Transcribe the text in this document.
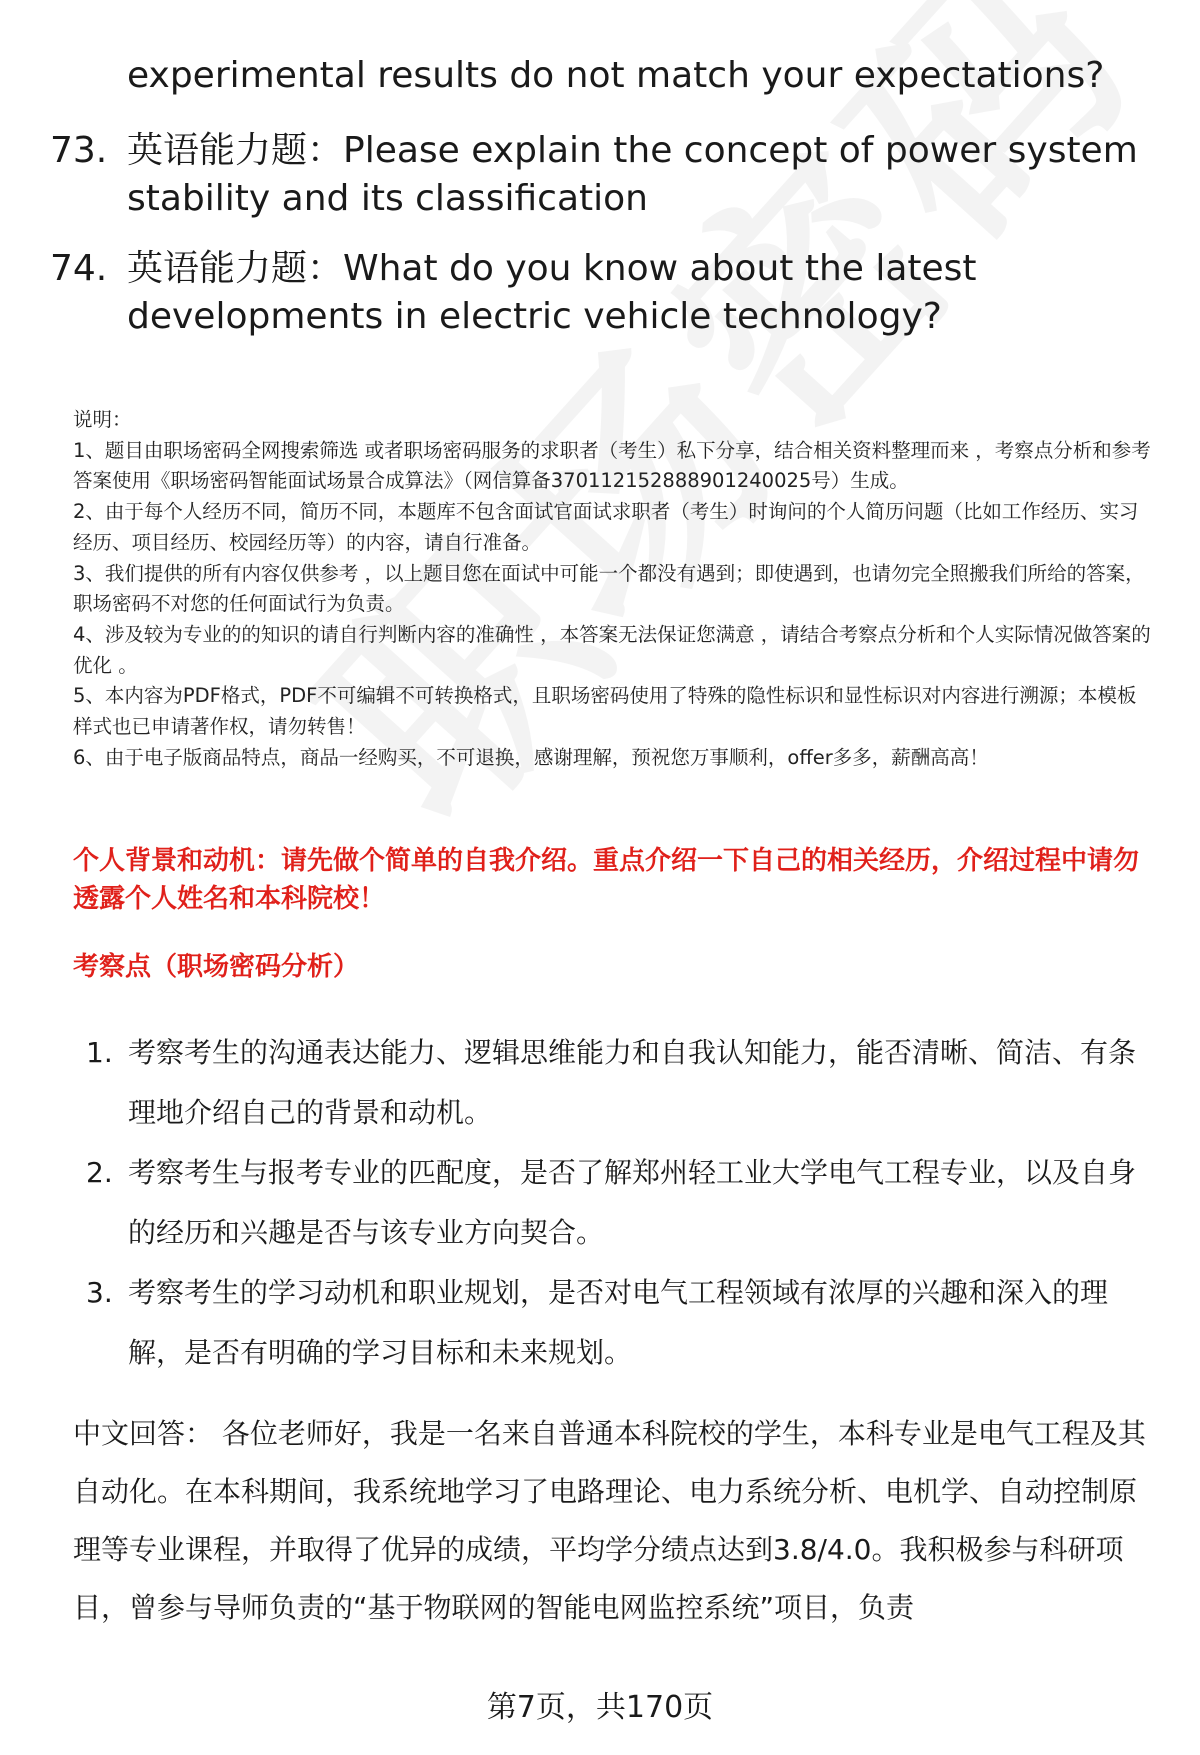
experimental results do not match your expectations?
73. 英语能力题：Please explain the concept of power system stability and its classification
74. 英语能力题：What do you know about the latest developments in electric vehicle technology?

说明：

1、题目由职场密码全网搜索筛选 或者职场密码服务的求职者（考生）私下分享，结合相关资料整理而来 ，考察点分析和参考答案使用《职场密码智能面试场景合成算法》（网信算备370112152888901240025号）生成。

2、由于每个人经历不同，简历不同，本题库不包含面试官面试求职者（考生）时询问的个人简历问题（比如工作经历、实习经历、项目经历、校园经历等）的内容，请自行准备。

3、我们提供的所有内容仅供参考 ，以上题目您在面试中可能一个都没有遇到；即使遇到，也请勿完全照搬我们所给的答案，职场密码不对您的任何面试行为负责。

4、涉及较为专业的的知识的请自行判断内容的准确性 ，本答案无法保证您满意 ，请结合考察点分析和个人实际情况做答案的优化 。

5、本内容为PDF格式，PDF不可编辑不可转换格式，且职场密码使用了特殊的隐性标识和显性标识对内容进行溯源；本模板样式也已申请著作权，请勿转售！

6、由于电子版商品特点，商品一经购买，不可退换，感谢理解，预祝您万事顺利，offer多多，薪酬高高！

个人背景和动机：请先做个简单的自我介绍。重点介绍一下自己的相关经历，介绍过程中请勿透露个人姓名和本科院校！
考察点（职场密码分析）
1. 考察考生的沟通表达能力、逻辑思维能力和自我认知能力，能否清晰、简洁、有条理地介绍自己的背景和动机。
2. 考察考生与报考专业的匹配度，是否了解郑州轻工业大学电气工程专业，以及自身的经历和兴趣是否与该专业方向契合。
3. 考察考生的学习动机和职业规划，是否对电气工程领域有浓厚的兴趣和深入的理解，是否有明确的学习目标和未来规划。
中文回答： 各位老师好，我是一名来自普通本科院校的学生，本科专业是电气工程及其自动化。在本科期间，我系统地学习了电路理论、电力系统分析、电机学、自动控制原理等专业课程，并取得了优异的成绩，平均学分绩点达到3.8/4.0。我积极参与科研项目，曾参与导师负责的“基于物联网的智能电网监控系统”项目，负责
第7页，共170页
